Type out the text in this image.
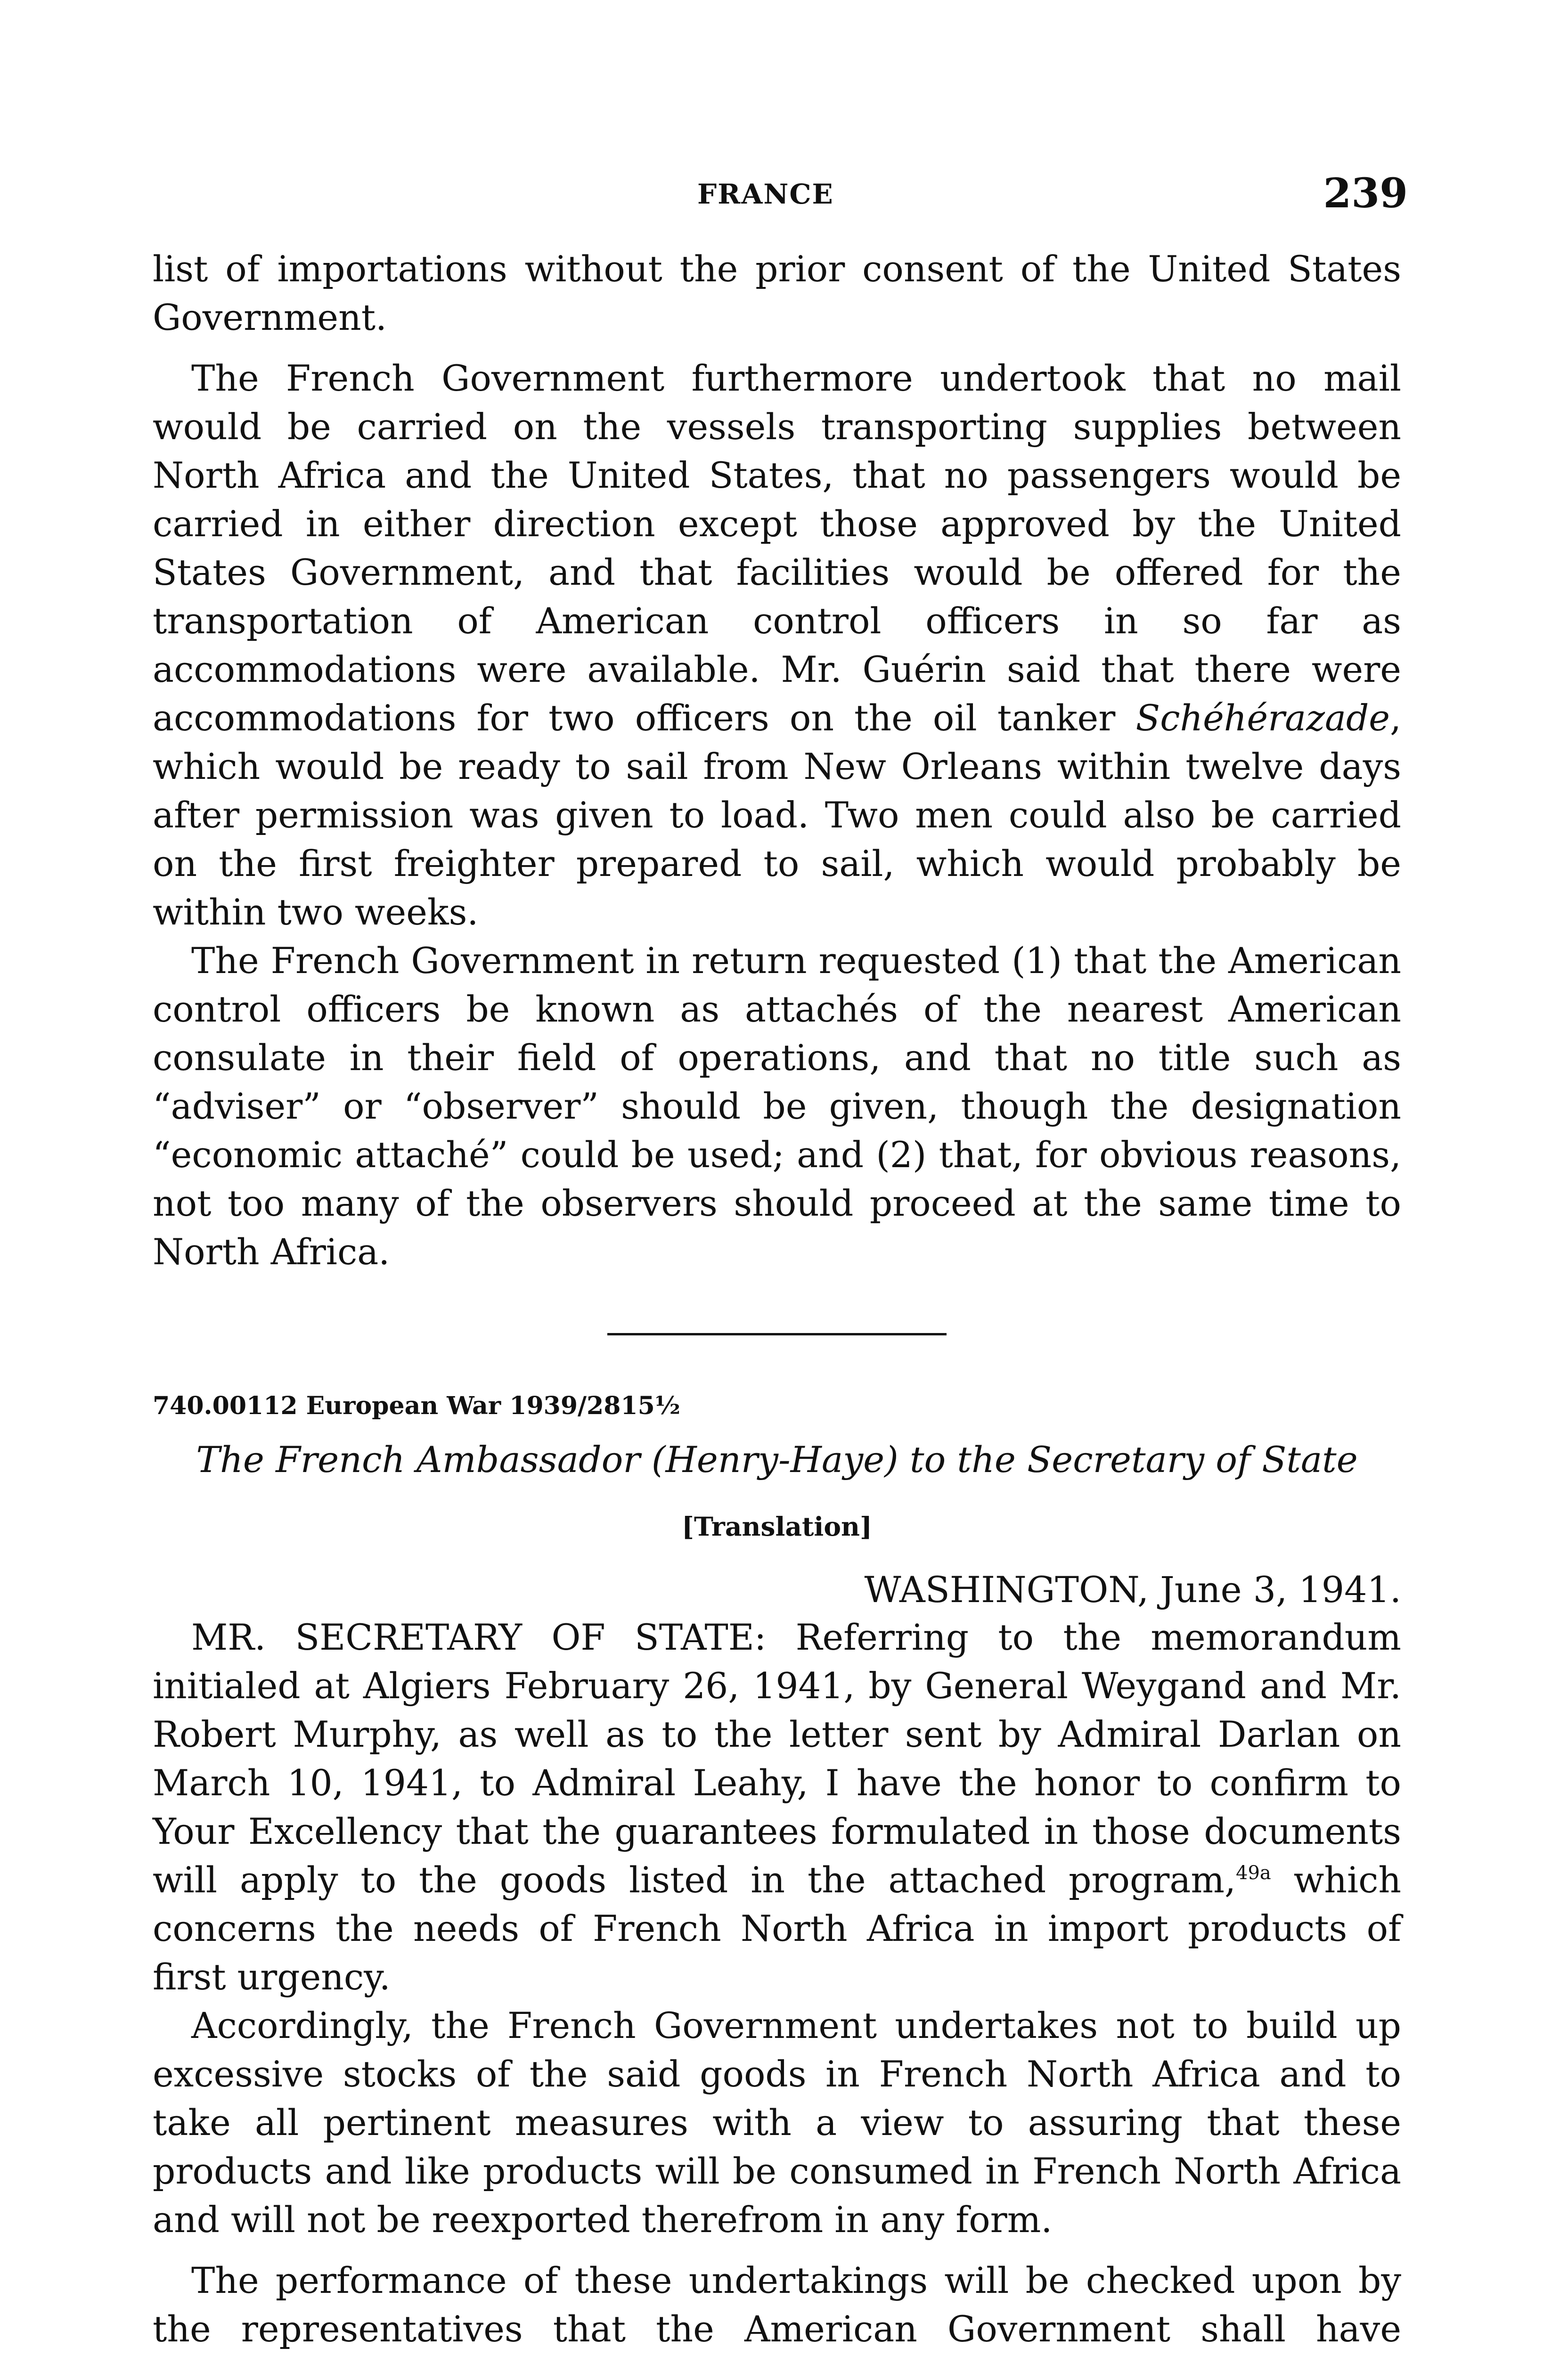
FRANCE	239

list of importations without the prior consent of the United States Government.

The French Government furthermore undertook that no mail would be carried on the vessels transporting supplies between North Africa and the United States, that no passengers would be carried in either direction except those approved by the United States Government, and that facilities would be offered for the transportation of American control officers in so far as accommodations were available. Mr. Guérin said that there were accommodations for two officers on the oil tanker Schéhérazade, which would be ready to sail from New Orleans within twelve days after permission was given to load. Two men could also be carried on the first freighter prepared to sail, which would probably be within two weeks.

The French Government in return requested (1) that the American control officers be known as attachés of the nearest American consulate in their field of operations, and that no title such as “adviser” or “observer” should be given, though the designation “economic attaché” could be used; and (2) that, for obvious reasons, not too many of the observers should proceed at the same time to North Africa.

740.00112 European War 1939/2815½
The French Ambassador (Henry-Haye) to the Secretary of State
[Translation]
WASHINGTON, June 3, 1941.

MR. SECRETARY OF STATE: Referring to the memorandum initialed at Algiers February 26, 1941, by General Weygand and Mr. Robert Murphy, as well as to the letter sent by Admiral Darlan on March 10, 1941, to Admiral Leahy, I have the honor to confirm to Your Excellency that the guarantees formulated in those documents will apply to the goods listed in the attached program,$^{49a}$ which concerns the needs of French North Africa in import products of first urgency.

Accordingly, the French Government undertakes not to build up excessive stocks of the said goods in French North Africa and to take all pertinent measures with a view to assuring that these products and like products will be consumed in French North Africa and will not be reexported therefrom in any form.

The performance of these undertakings will be checked upon by the representatives that the American Government shall have
